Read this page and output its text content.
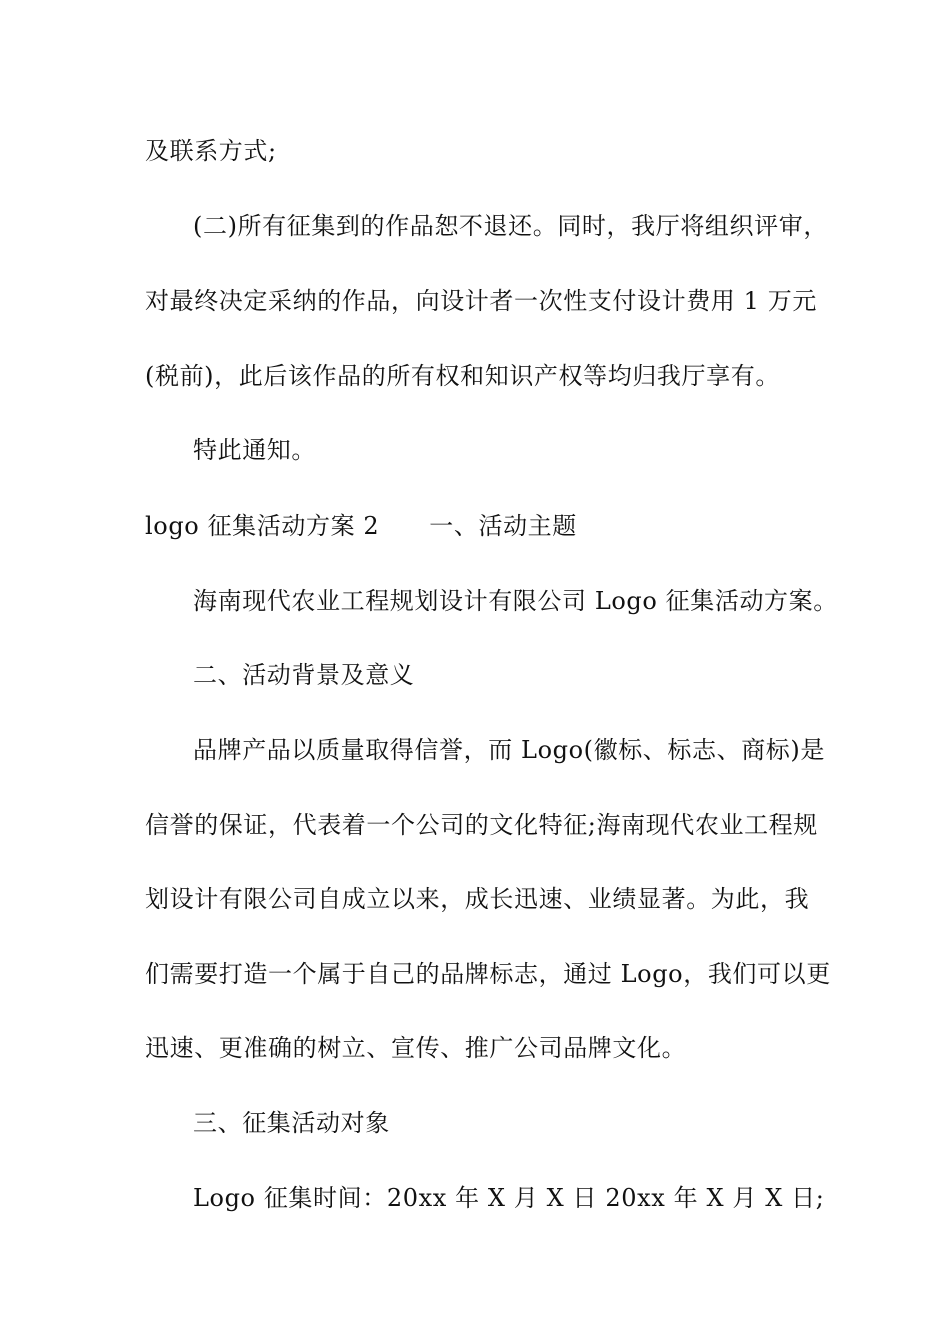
及联系方式;
(二)所有征集到的作品恕不退还。同时，我厅将组织评审，
对最终决定采纳的作品，向设计者一次性支付设计费用 1 万元
(税前)，此后该作品的所有权和知识产权等均归我厅享有。
特此通知。
logo 征集活动方案 2 一、活动主题
海南现代农业工程规划设计有限公司 Logo 征集活动方案。
二、活动背景及意义
品牌产品以质量取得信誉，而 Logo(徽标、标志、商标)是
信誉的保证，代表着一个公司的文化特征;海南现代农业工程规
划设计有限公司自成立以来，成长迅速、业绩显著。为此，我
们需要打造一个属于自己的品牌标志，通过 Logo，我们可以更
迅速、更准确的树立、宣传、推广公司品牌文化。
三、征集活动对象
Logo 征集时间：20xx 年 X 月 X 日 20xx 年 X 月 X 日;
